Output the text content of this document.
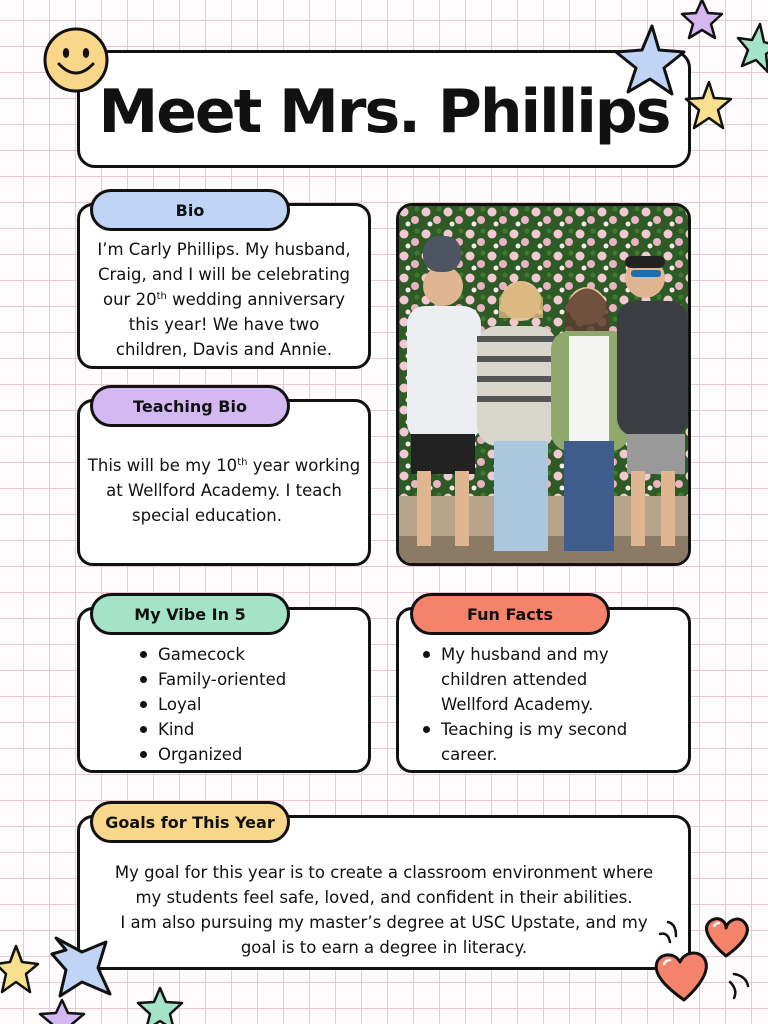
Meet Mrs. Phillips
Bio
I’m Carly Phillips. My husband,
Craig, and I will be celebrating
our 20th wedding anniversary
this year! We have two
children, Davis and Annie.
Teaching Bio
This will be my 10th year working
at Wellford Academy. I teach
special education.
My Vibe In 5
Gamecock
Family-oriented
Loyal
Kind
Organized
Fun Facts
My husband and my
children attended
Wellford Academy.
Teaching is my second
career.
Goals for This Year
My goal for this year is to create a classroom environment where
my students feel safe, loved, and confident in their abilities.
I am also pursuing my master’s degree at USC Upstate, and my
goal is to earn a degree in literacy.
